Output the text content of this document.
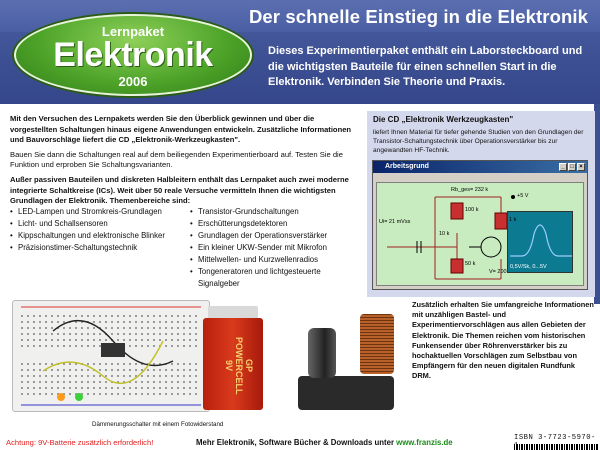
Der schnelle Einstieg in die Elektronik
Dieses Experimentierpaket enthält ein Laborsteckboard und die wichtigsten Bauteile für einen schnellen Start in die Elektronik. Verbinden Sie Theorie und Praxis.
Lernpaket
Elektronik
2006

Mit den Versuchen des Lernpakets werden Sie den Überblick gewinnen und über die vorgestellten Schaltungen hinaus eigene Anwendungen entwickeln. Zusätzliche Informationen und Bauvorschläge liefert die CD „Elektronik-Werkzeugkasten".

Bauen Sie dann die Schaltungen real auf dem beiliegenden Experimentierboard auf. Testen Sie die Funktion und erproben Sie Schaltungsvarianten.

Außer passiven Bauteilen und diskreten Halbleitern enthält das Lernpaket auch zwei moderne integrierte Schaltkreise (ICs). Weit über 50 reale Versuche vermitteln Ihnen die wichtigsten Grundlagen der Elektronik. Themenbereiche sind:

• LED-Lampen und Stromkreis-Grundlagen
• Licht- und Schallsensoren
• Kippschaltungen und elektronische Blinker
• Präzisionstimer-Schaltungstechnik
• Transistor-Grundschaltungen
• Erschütterungsdetektoren
• Grundlagen der Operationsverstärker
• Ein kleiner UKW-Sender mit Mikrofon
• Mittelwellen- und Kurzwellenradios
• Tongeneratoren und lichtgesteuerte Signalgeber
Die CD „Elektronik Werkzeugkasten"
liefert Ihnen Material für tiefer gehende Studien von den Grundlagen der Transistor-Schaltungstechnik über Operationsverstärker bis zur angewandten HF-Technik.
Arbeitsgrund	_ □ ×
0,5V/Sk, 0...5V
Rb_ges= 232 k
+5 V
Ui= 21 mVss
100 k
1 k
10 k
50 k
V= 200
GP POWERCELL 9V
Dämmerungsschalter mit einem Fotowiderstand
Zusätzlich erhalten Sie umfangreiche Informationen mit unzähligen Bastel- und Experimentiervorschlägen aus allen Gebieten der Elektronik. Die Themen reichen vom historischen Funkensender über Röhrenverstärker bis zu hochaktuellen Vorschlägen zum Selbstbau von Empfängern für den neuen digitalen Rundfunk DRM.
Achtung: 9V-Batterie zusätzlich erforderlich!	Mehr Elektronik, Software Bücher & Downloads unter www.franzis.de	ISBN 3-7723-5970-
